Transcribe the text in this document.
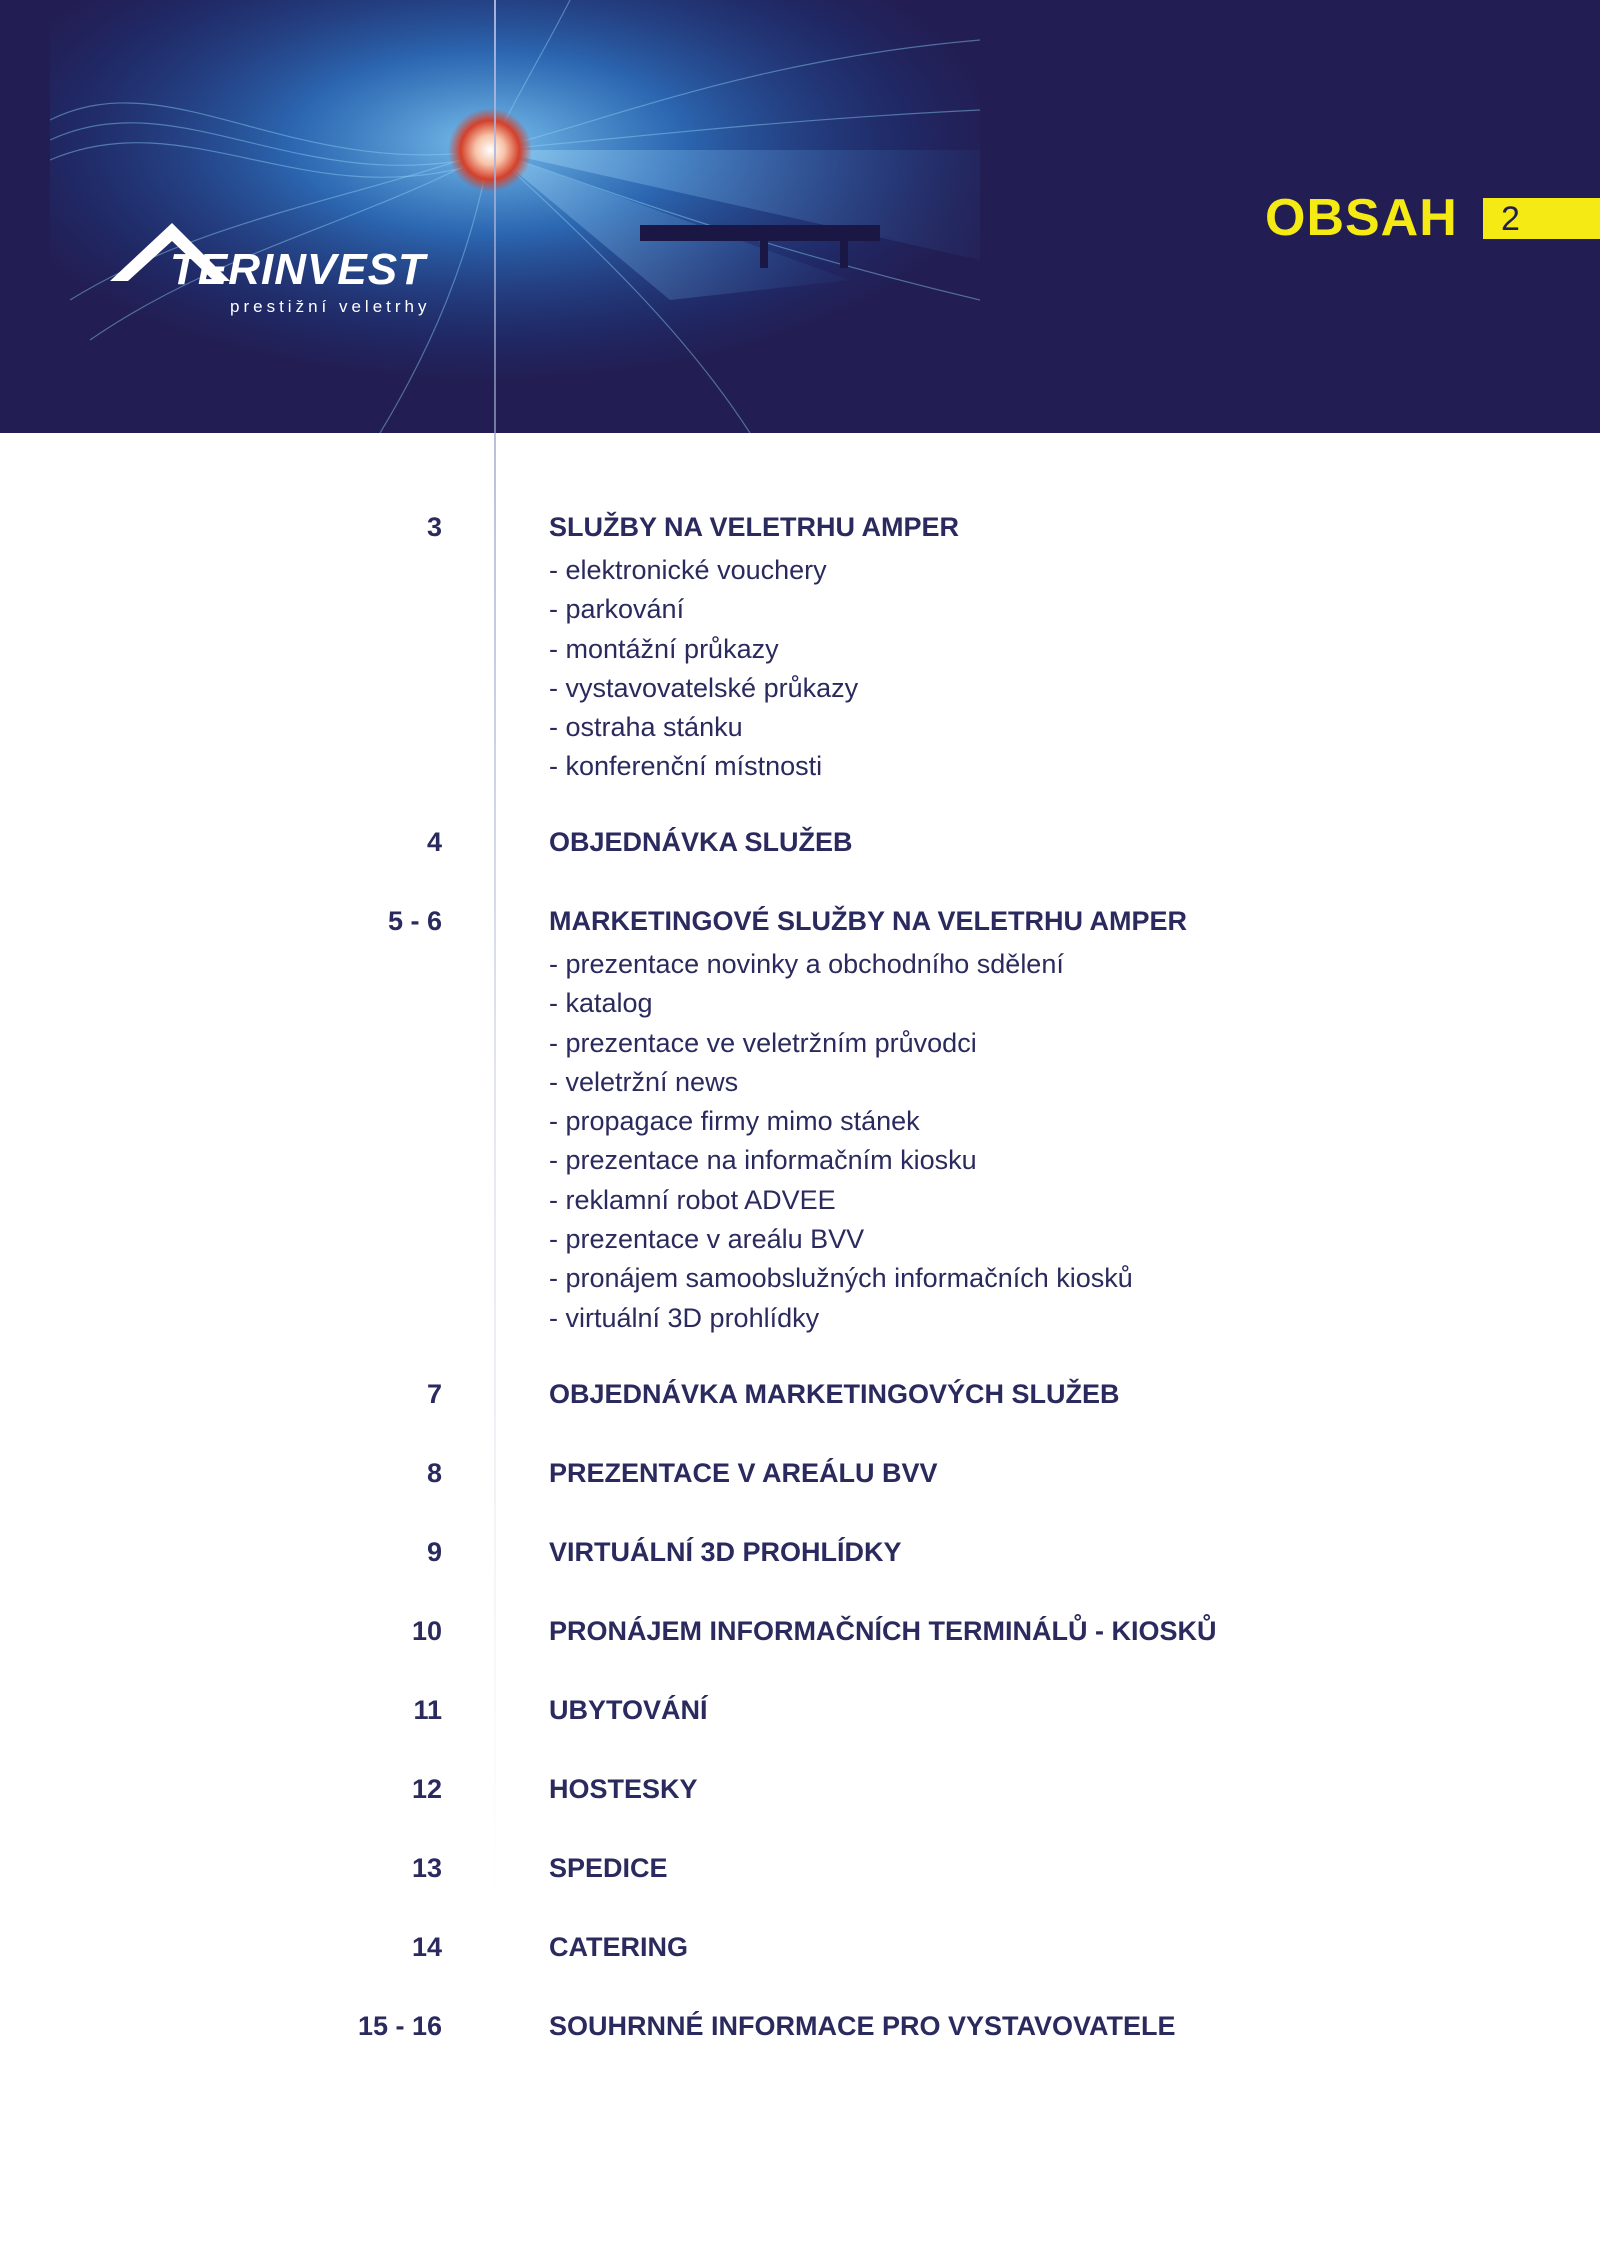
TERINVEST
prestižní veletrhy
OBSAH 2
3	SLUŽBY NA VELETRHU AMPER
- elektronické vouchery
- parkování
- montážní průkazy
- vystavovatelské průkazy
- ostraha stánku
- konferenční místnosti
4	OBJEDNÁVKA SLUŽEB
5 - 6	MARKETINGOVÉ SLUŽBY NA VELETRHU AMPER
- prezentace novinky a obchodního sdělení
- katalog
- prezentace ve veletržním průvodci
- veletržní news
- propagace firmy mimo stánek
- prezentace na informačním kiosku
- reklamní robot ADVEE
- prezentace v areálu BVV
- pronájem samoobslužných informačních kiosků
- virtuální 3D prohlídky
7	OBJEDNÁVKA MARKETINGOVÝCH SLUŽEB
8	PREZENTACE V AREÁLU BVV
9	VIRTUÁLNÍ 3D PROHLÍDKY
10	PRONÁJEM INFORMAČNÍCH TERMINÁLŮ - KIOSKŮ
11	UBYTOVÁNÍ
12	HOSTESKY
13	SPEDICE
14	CATERING
15 - 16	SOUHRNNÉ INFORMACE PRO VYSTAVOVATELE
